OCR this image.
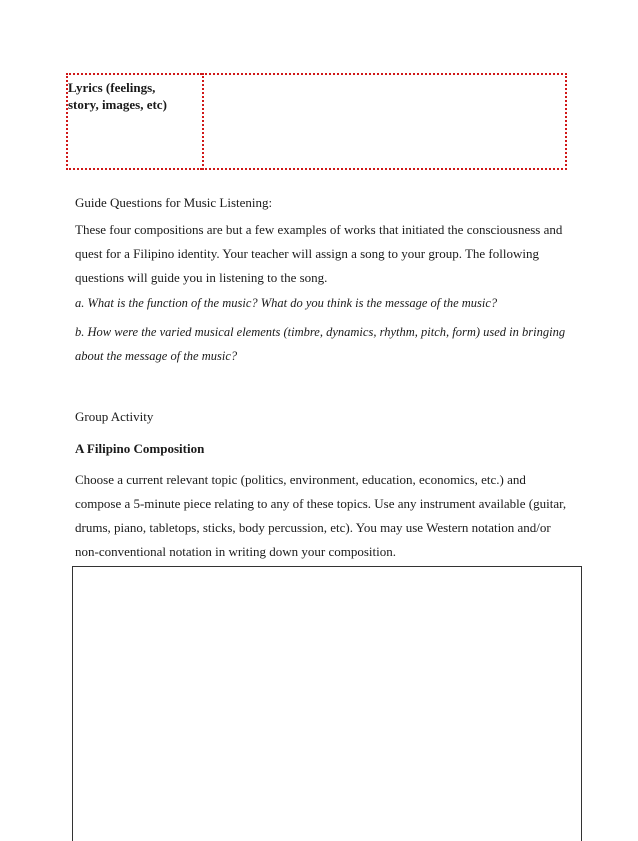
Lyrics (feelings, story, images, etc)
Guide Questions for Music Listening:
These four compositions are but a few examples of works that initiated the consciousness and quest for a Filipino identity. Your teacher will assign a song to your group. The following questions will guide you in listening to the song.
a. What is the function of the music? What do you think is the message of the music?
b. How were the varied musical elements (timbre, dynamics, rhythm, pitch, form) used in bringing about the message of the music?
Group Activity
A Filipino Composition
Choose a current relevant topic (politics, environment, education, economics, etc.) and compose a 5-minute piece relating to any of these topics. Use any instrument available (guitar, drums, piano, tabletops, sticks, body percussion, etc). You may use Western notation and/or non-conventional notation in writing down your composition.
